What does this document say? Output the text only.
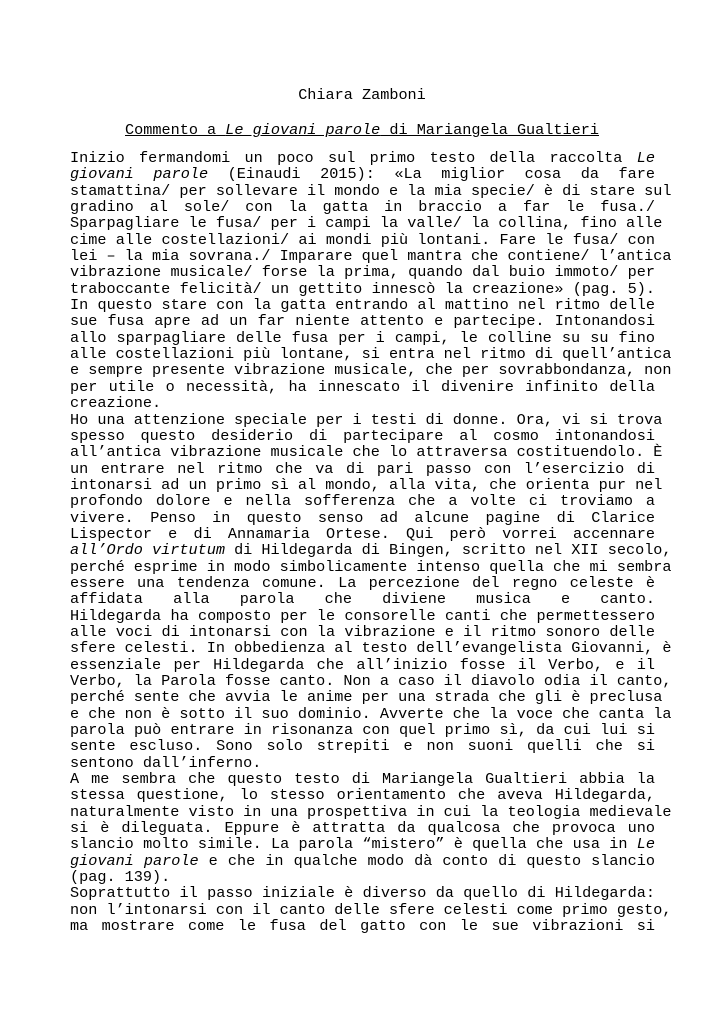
Chiara Zamboni
Commento a Le giovani parole di Mariangela Gualtieri
Inizio fermandomi un poco sul primo testo della raccolta Le
giovani parole (Einaudi 2015): «La miglior cosa da fare
stamattina/ per sollevare il mondo e la mia specie/ è di stare sul
gradino al sole/ con la gatta in braccio a far le fusa./
Sparpagliare le fusa/ per i campi la valle/ la collina, fino alle
cime alle costellazioni/ ai mondi più lontani. Fare le fusa/ con
lei – la mia sovrana./ Imparare quel mantra che contiene/ l’antica
vibrazione musicale/ forse la prima, quando dal buio immoto/ per
traboccante felicità/ un gettito innescò la creazione» (pag. 5).
In questo stare con la gatta entrando al mattino nel ritmo delle
sue fusa apre ad un far niente attento e partecipe. Intonandosi
allo sparpagliare delle fusa per i campi, le colline su su fino
alle costellazioni più lontane, si entra nel ritmo di quell’antica
e sempre presente vibrazione musicale, che per sovrabbondanza, non
per utile o necessità, ha innescato il divenire infinito della
creazione.
Ho una attenzione speciale per i testi di donne. Ora, vi si trova
spesso questo desiderio di partecipare al cosmo intonandosi
all’antica vibrazione musicale che lo attraversa costituendolo. È
un entrare nel ritmo che va di pari passo con l’esercizio di
intonarsi ad un primo sì al mondo, alla vita, che orienta pur nel
profondo dolore e nella sofferenza che a volte ci troviamo a
vivere. Penso in questo senso ad alcune pagine di Clarice
Lispector e di Annamaria Ortese. Qui però vorrei accennare
all’Ordo virtutum di Hildegarda di Bingen, scritto nel XII secolo,
perché esprime in modo simbolicamente intenso quella che mi sembra
essere una tendenza comune. La percezione del regno celeste è
affidata alla parola che diviene musica e canto.
Hildegarda ha composto per le consorelle canti che permettessero
alle voci di intonarsi con la vibrazione e il ritmo sonoro delle
sfere celesti. In obbedienza al testo dell’evangelista Giovanni, è
essenziale per Hildegarda che all’inizio fosse il Verbo, e il
Verbo, la Parola fosse canto. Non a caso il diavolo odia il canto,
perché sente che avvia le anime per una strada che gli è preclusa
e che non è sotto il suo dominio. Avverte che la voce che canta la
parola può entrare in risonanza con quel primo sì, da cui lui si
sente escluso. Sono solo strepiti e non suoni quelli che si
sentono dall’inferno.
A me sembra che questo testo di Mariangela Gualtieri abbia la
stessa questione, lo stesso orientamento che aveva Hildegarda,
naturalmente visto in una prospettiva in cui la teologia medievale
si è dileguata. Eppure è attratta da qualcosa che provoca uno
slancio molto simile. La parola “mistero” è quella che usa in Le
giovani parole e che in qualche modo dà conto di questo slancio
(pag. 139).
Soprattutto il passo iniziale è diverso da quello di Hildegarda:
non l’intonarsi con il canto delle sfere celesti come primo gesto,
ma mostrare come le fusa del gatto con le sue vibrazioni si
